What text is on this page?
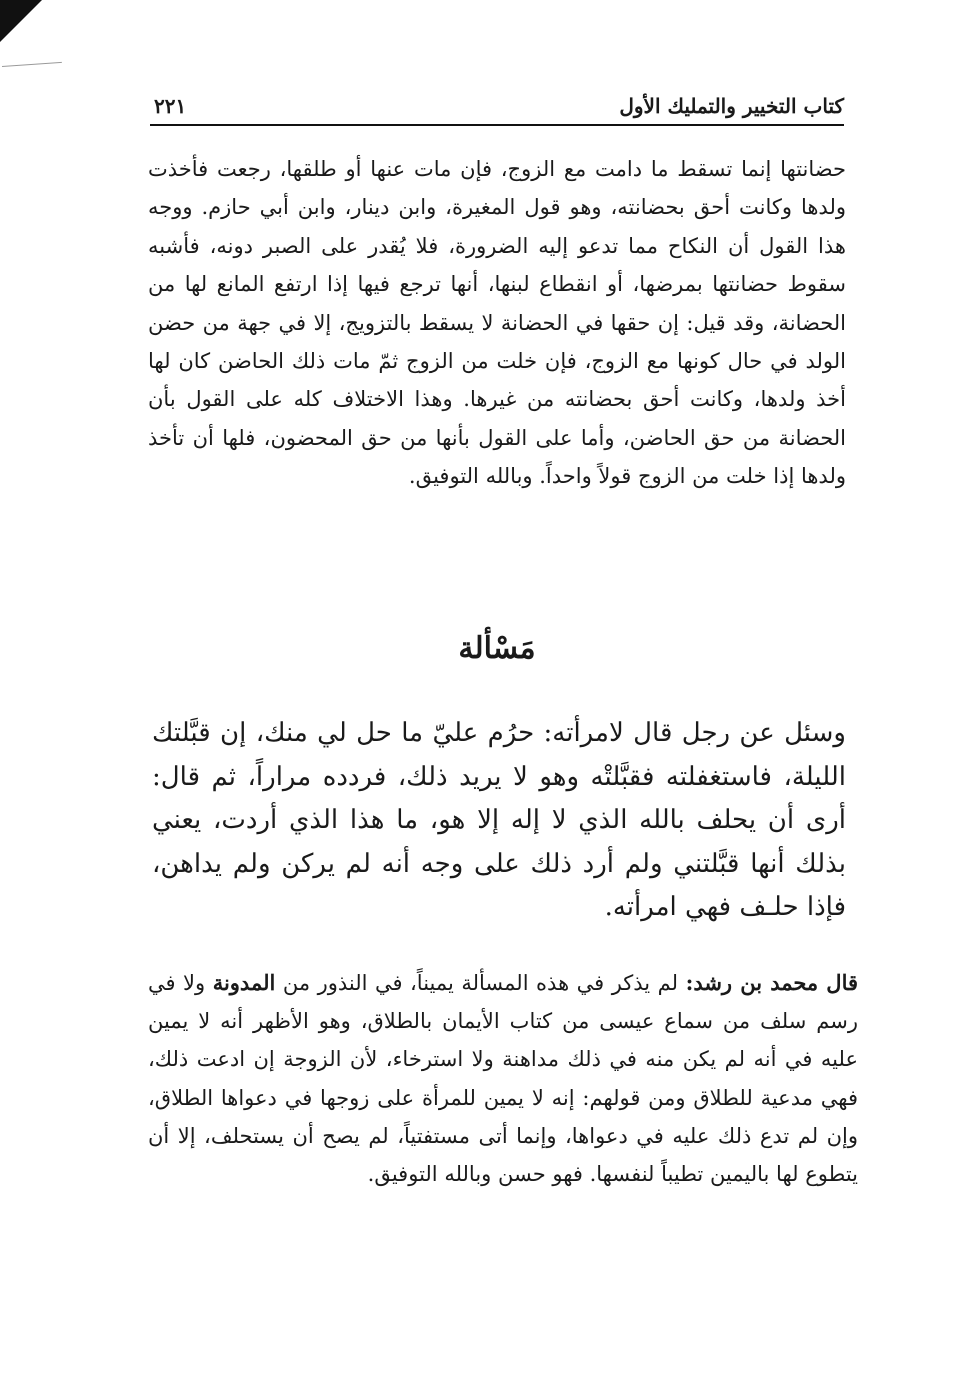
كتاب التخيير والتمليك الأول
٢٢١

حضانتها إنما تسقط ما دامت مع الزوج، فإن مات عنها أو طلقها، رجعت فأخذت ولدها وكانت أحق بحضانته، وهو قول المغيرة، وابن دينار، وابن أبي حازم. ووجه هذا القول أن النكاح مما تدعو إليه الضرورة، فلا يُقدر على الصبر دونه، فأشبه سقوط حضانتها بمرضها، أو انقطاع لبنها، أنها ترجع فيها إذا ارتفع المانع لها من الحضانة، وقد قيل: إن حقها في الحضانة لا يسقط بالتزويج، إلا في جهة من حضن الولد في حال كونها مع الزوج، فإن خلت من الزوج ثمّ مات ذلك الحاضن كان لها أخذ ولدها، وكانت أحق بحضانته من غيرها. وهذا الاختلاف كله على القول بأن الحضانة من حق الحاضن، وأما على القول بأنها من حق المحضون، فلها أن تأخذ ولدها إذا خلت من الزوج قولاً واحداً. وبالله التوفيق.

مَسْألة

وسئل عن رجل قال لامرأته: حرُم عليّ ما حل لي منك، إن قبَّلتك الليلة، فاستغفلته فقبَّلتْه وهو لا يريد ذلك، فردده مراراً، ثم قال: أرى أن يحلف بالله الذي لا إله إلا هو، ما هذا الذي أردت، يعني بذلك أنها قبَّلتني ولم أرد ذلك على وجه أنه لم يركن ولم يداهن، فإذا حلـف فهي امرأته.

قال محمد بن رشد: لم يذكر في هذه المسألة يميناً، في النذور من المدونة ولا في رسم سلف من سماع عيسى من كتاب الأيمان بالطلاق، وهو الأظهر أنه لا يمين عليه في أنه لم يكن منه في ذلك مداهنة ولا استرخاء، لأن الزوجة إن ادعت ذلك، فهي مدعية للطلاق ومن قولهم: إنه لا يمين للمرأة على زوجها في دعواها الطلاق، وإن لم تدع ذلك عليه في دعواها، وإنما أتى مستفتياً، لم يصح أن يستحلف، إلا أن يتطوع لها باليمين تطيباً لنفسها. فهو حسن وبالله التوفيق.
